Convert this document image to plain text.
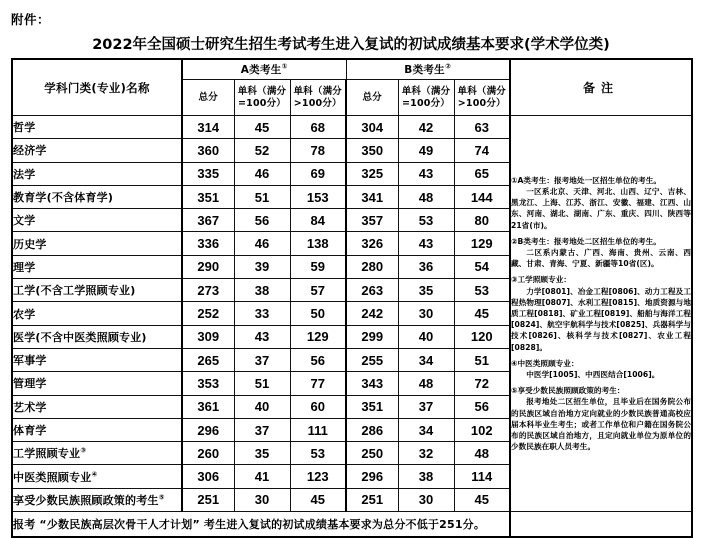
附件：
2022年全国硕士研究生招生考试考生进入复试的初试成绩基本要求(学术学位类)
学科门类(专业)名称	A类考生①			B类考生②			备注
	总分	单科（满分
=100分）	单科（满分
>100分）	总分	单科（满分
=100分）	单科（满分
>100分）	
哲学	314	45	68	304	42	63	

①A类考生：报考地处一区招生单位的考生。

一区系北京、天津、河北、山西、辽宁、吉林、黑龙江、上海、江苏、浙江、安徽、福建、江西、山东、河南、湖北、湖南、广东、重庆、四川、陕西等21省(市)。

②B类考生：报考地处二区招生单位的考生。

二区系内蒙古、广西、海南、贵州、云南、西藏、甘肃、青海、宁夏、新疆等10省(区)。

③工学照顾专业：

力学[0801]、冶金工程[0806]、动力工程及工程热物理[0807]、水利工程[0815]、地质资源与地质工程[0818]、矿业工程[0819]、船舶与海洋工程[0824]、航空宇航科学与技术[0825]、兵器科学与技术[0826]、核科学与技术[0827]、农业工程[0828]。

④中医类照顾专业：

中医学[1005]、中西医结合[1006]。

⑤享受少数民族照顾政策的考生：

报考地处二区招生单位，且毕业后在国务院公布的民族区域自治地方定向就业的少数民族普通高校应届本科毕业生考生；或者工作单位和户籍在国务院公布的民族区域自治地方，且定向就业单位为原单位的少数民族在职人员考生。

经济学	360	52	78	350	49	74	
法学	335	46	69	325	43	65	
教育学(不含体育学)	351	51	153	341	48	144	
文学	367	56	84	357	53	80	
历史学	336	46	138	326	43	129	
理学	290	39	59	280	36	54	
工学(不含工学照顾专业)	273	38	57	263	35	53	
农学	252	33	50	242	30	45	
医学(不含中医类照顾专业)	309	43	129	299	40	120	
军事学	265	37	56	255	34	51	
管理学	353	51	77	343	48	72	
艺术学	361	40	60	351	37	56	
体育学	296	37	111	286	34	102	
工学照顾专业③	260	35	53	250	32	48	
中医类照顾专业④	306	41	123	296	38	114	
享受少数民族照顾政策的考生⑤	251	30	45	251	30	45	
报考 “少数民族高层次骨干人才计划” 考生进入复试的初试成绩基本要求为总分不低于251分。							
